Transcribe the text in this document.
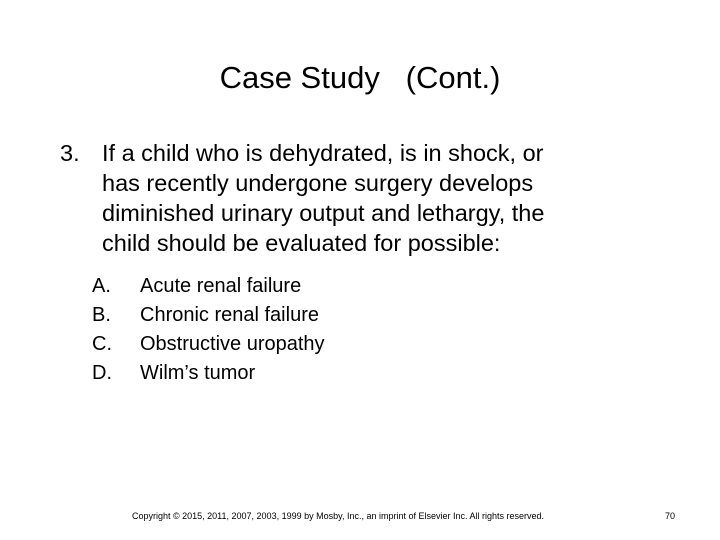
Case Study   (Cont.)
3. If a child who is dehydrated, is in shock, or
has recently undergone surgery develops
diminished urinary output and lethargy, the
child should be evaluated for possible:
A. Acute renal failure
B. Chronic renal failure
C. Obstructive uropathy
D. Wilm’s tumor
Copyright © 2015, 2011, 2007, 2003, 1999 by Mosby, Inc., an imprint of Elsevier Inc. All rights reserved.	70
